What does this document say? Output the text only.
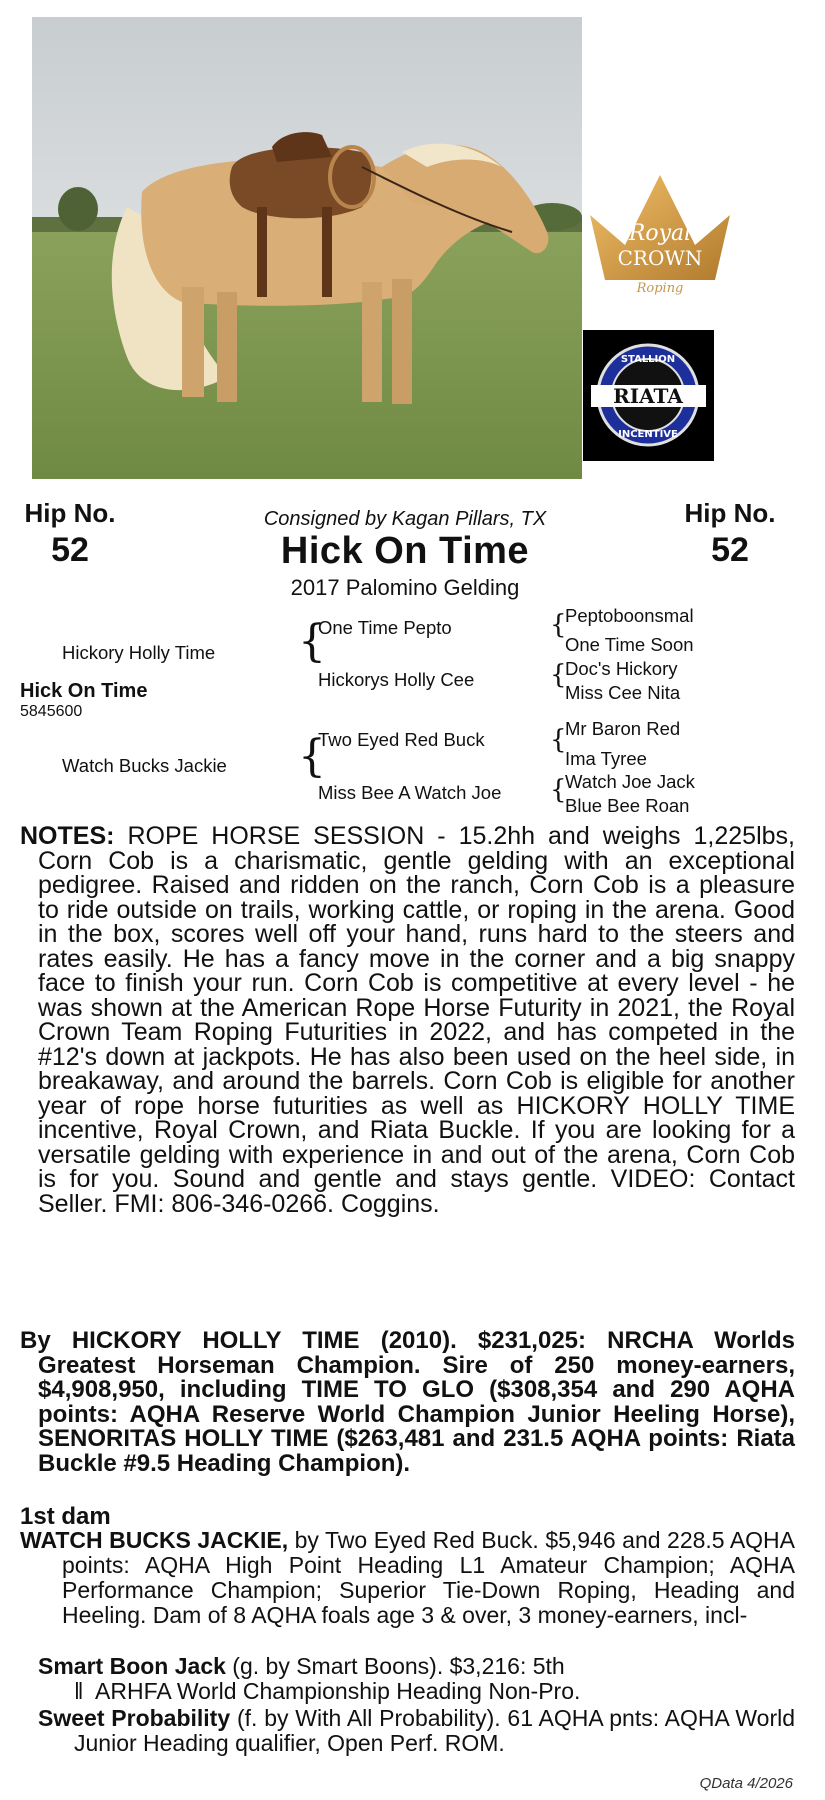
Royal
CROWN
Roping
STALLION
RIATA
INCENTIVE
Hip No.
52
Hip No.
52
Consigned by Kagan Pillars, TX
Hick On Time
2017 Palomino Gelding
Hickory Holly Time
Hick On Time
5845600
Watch Bucks Jackie
{
One Time Pepto
Hickorys Holly Cee
{
Two Eyed Red Buck
Miss Bee A Watch Joe
{
Peptoboonsmal
One Time Soon
{
Doc's Hickory
Miss Cee Nita
{
Mr Baron Red
Ima Tyree
{
Watch Joe Jack
Blue Bee Roan

NOTES: ROPE HORSE SESSION - 15.2hh and weighs 1,225lbs, Corn Cob is a charismatic, gentle gelding with an exceptional pedigree. Raised and ridden on the ranch, Corn Cob is a pleasure to ride outside on trails, working cattle, or roping in the arena. Good in the box, scores well off your hand, runs hard to the steers and rates easily. He has a fancy move in the corner and a big snappy face to finish your run. Corn Cob is competitive at every level - he was shown at the American Rope Horse Futurity in 2021, the Royal Crown Team Roping Futurities in 2022, and has competed in the #12's down at jackpots. He has also been used on the heel side, in breakaway, and around the barrels. Corn Cob is eligible for another year of rope horse futurities as well as HICKORY HOLLY TIME incentive, Royal Crown, and Riata Buckle. If you are looking for a versatile gelding with experience in and out of the arena, Corn Cob is for you. Sound and gentle and stays gentle. VIDEO: Contact Seller. FMI: 806-346-0266. Coggins.

By HICKORY HOLLY TIME (2010). $231,025: NRCHA Worlds Greatest Horseman Champion. Sire of 250 money-earners, $4,908,950, including TIME TO GLO ($308,354 and 290 AQHA points: AQHA Reserve World Champion Junior Heeling Horse), SENORITAS HOLLY TIME ($263,481 and 231.5 AQHA points: Riata Buckle #9.5 Heading Champion).

1st dam

WATCH BUCKS JACKIE, by Two Eyed Red Buck. $5,946 and 228.5 AQHA points: AQHA High Point Heading L1 Amateur Champion; AQHA Performance Champion; Superior Tie-Down Roping, Heading and Heeling. Dam of 8 AQHA foals age 3 & over, 3 money-earners, incl-

Smart Boon Jack (g. by Smart Boons). $3,216: 5th
‖ ARHFA World Championship Heading Non-Pro.

Sweet Probability (f. by With All Probability). 61 AQHA pnts: AQHA World Junior Heading qualifier, Open Perf. ROM.

QData 4/2026
